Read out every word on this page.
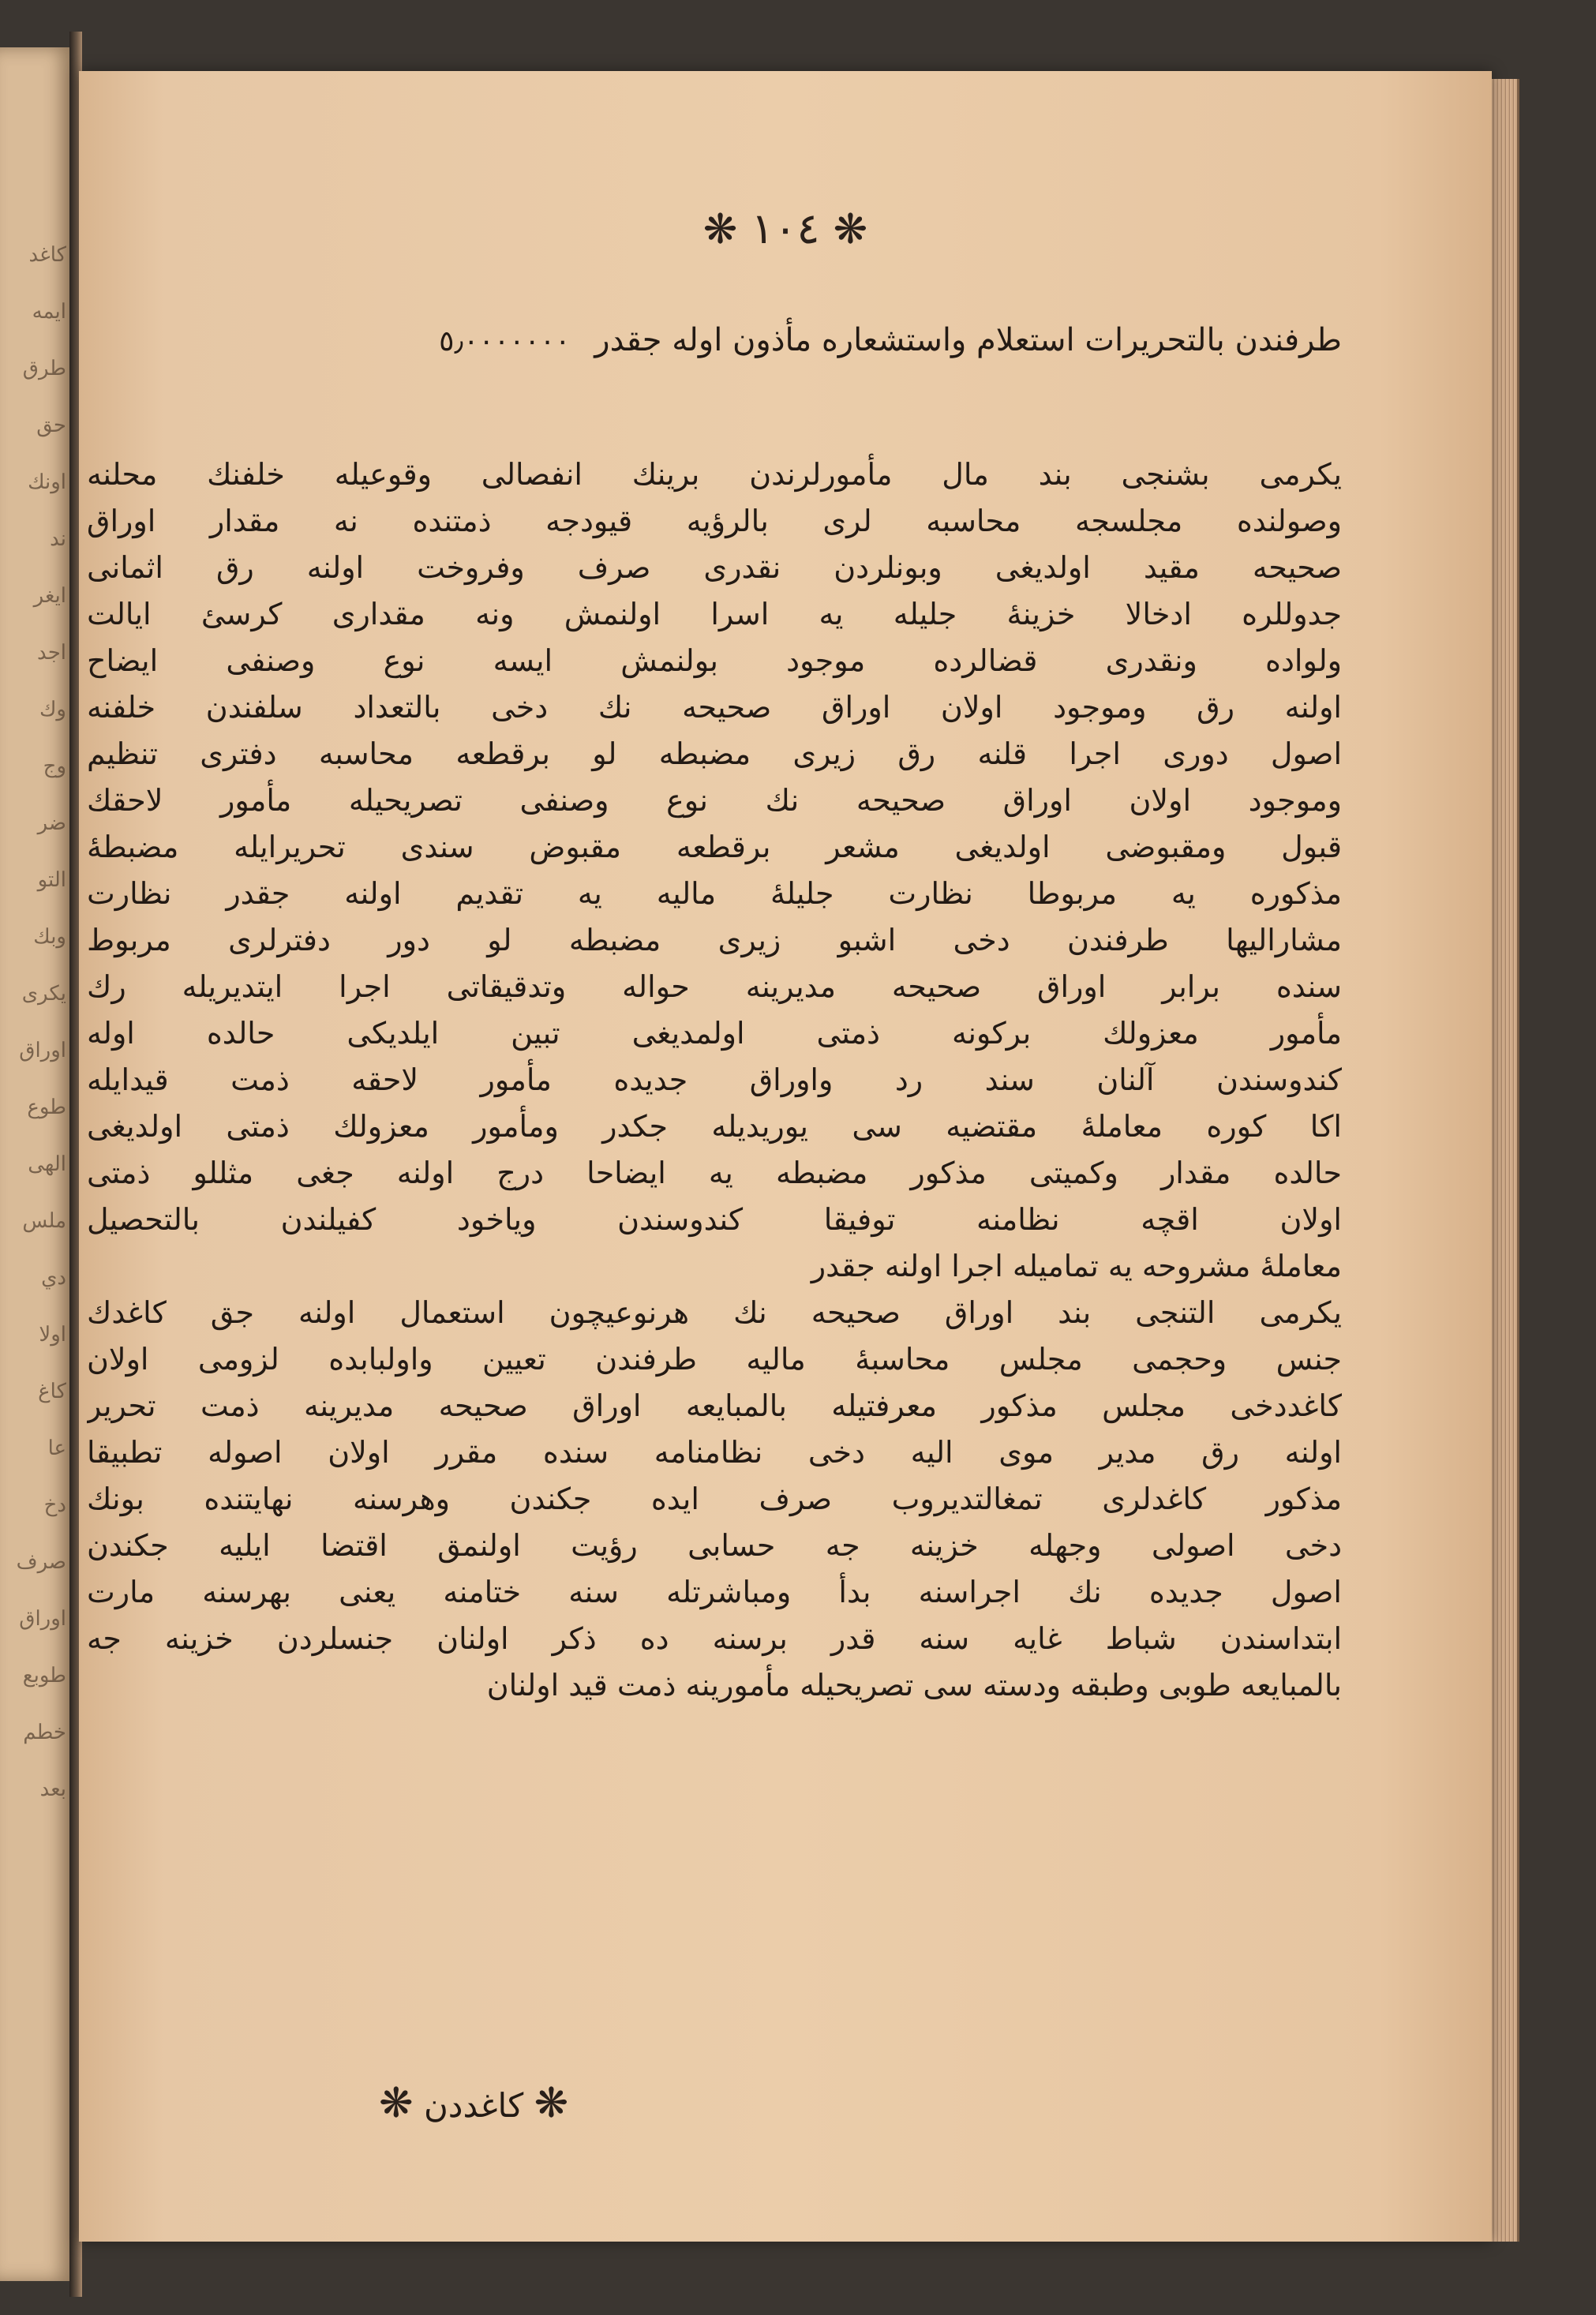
كاغد
ايمه
طرق
حق
اونك
ند
ايغر
اجد
وك
وج
ضر
التو
وبك
يكرى
اوراق
طوع
الهى
ملس
دي
اولا
كاغ
عا
دخ
صرف
اوراق
طوبع
خطم
بعد
❋ ١٠٤ ❋
طرفندن بالتحريرات استعلام واستشعاره مأذون اوله جقدر ٥٫٠٠٠٠٠٠٠
يكرمى بشنجى بند مال مأمورلرندن برينك انفصالى وقوعيله خلفنك محلنه
وصولنده مجلسجه محاسبه لرى بالرؤيه قيودجه ذمتنده نه مقدار اوراق
صحيحه مقيد اولديغى وبونلردن نقدرى صرف وفروخت اولنه رق اثمانى
جدوللره ادخالا خزينهٔ جليله يه اسرا اولنمش ونه مقدارى كرسئ ايالت
ولواده ونقدرى قضالرده موجود بولنمش ايسه نوع وصنفى ايضاح
اولنه رق وموجود اولان اوراق صحيحه نك دخى بالتعداد سلفندن خلفنه
اصول دورى اجرا قلنه رق زيرى مضبطه لو برقطعه محاسبه دفترى تنظيم
وموجود اولان اوراق صحيحه نك نوع وصنفى تصريحيله مأمور لاحقك
قبول ومقبوضى اولديغى مشعر برقطعه مقبوض سندى تحريرايله مضبطهٔ
مذكوره يه مربوطا نظارت جليلهٔ ماليه يه تقديم اولنه جقدر نظارت
مشاراليها طرفندن دخى اشبو زيرى مضبطه لو دور دفترلرى مربوط
سنده برابر اوراق صحيحه مديرينه حواله وتدقيقاتى اجرا ايتديريله رك
مأمور معزولك بركونه ذمتى اولمديغى تبين ايلديكى حالده اوله
كندوسندن آلنان سند رد واوراق جديده مأمور لاحقه ذمت قيدايله
اكا كوره معاملهٔ مقتضيه سى يوريديله جكدر ومأمور معزولك ذمتى اولديغى
حالده مقدار وكميتى مذكور مضبطه يه ايضاحا درج اولنه جغى مثللو ذمتى
اولان اقچه نظامنه توفيقا كندوسندن وياخود كفيلندن بالتحصيل
معاملهٔ مشروحه يه تماميله اجرا اولنه جقدر
يكرمى التنجى بند اوراق صحيحه نك هرنوعيچون استعمال اولنه جق كاغدك
جنس وحجمى مجلس محاسبهٔ ماليه طرفندن تعيين واولبابده لزومى اولان
كاغددخى مجلس مذكور معرفتيله بالمبايعه اوراق صحيحه مديرينه ذمت تحرير
اولنه رق مدير موى اليه دخى نظامنامه سنده مقرر اولان اصوله تطبيقا
مذكور كاغدلرى تمغالتديروب صرف ايده جكندن وهرسنه نهايتنده بونك
دخى اصولى وجهله خزينه جه حسابى رؤيت اولنمق اقتضا ايليه جكندن
اصول جديده نك اجراسنه بدأ ومباشرتله سنه ختامنه يعنى بهرسنه مارت
ابتداسندن شباط غايه سنه قدر برسنه ده ذكر اولنان جنسلردن خزينه جه
بالمبايعه طوبى وطبقه ودسته سى تصريحيله مأمورينه ذمت قيد اولنان
❋ كاغددن ❋
